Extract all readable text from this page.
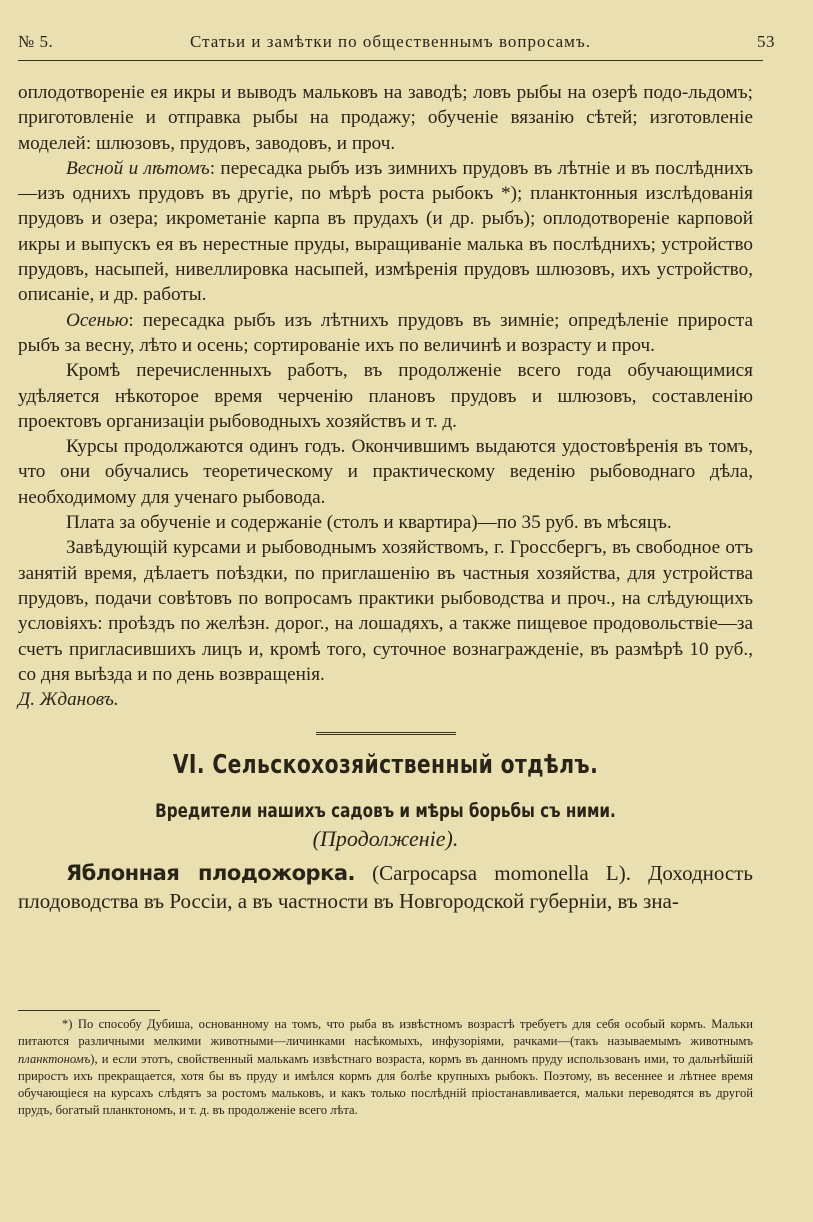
№ 5.	Статьи и замѣтки по общественнымъ вопросамъ.	53

оплодотвореніе ея икры и выводъ мальковъ на заводѣ; ловъ рыбы на озерѣ подо-льдомъ; приготовленіе и отправка рыбы на продажу; обученіе вязанію сѣтей; изготовленіе моделей: шлюзовъ, прудовъ, заводовъ, и проч.

Весной и лѣтомъ: пересадка рыбъ изъ зимнихъ прудовъ въ лѣтніе и въ послѣднихъ—изъ однихъ прудовъ въ другіе, по мѣрѣ роста рыбокъ *); планктонныя изслѣдованія прудовъ и озера; икрометаніе карпа въ прудахъ (и др. рыбъ); оплодотвореніе карповой икры и выпускъ ея въ нерестные пруды, выращиваніе малька въ послѣднихъ; устройство прудовъ, насыпей, нивеллировка насыпей, измѣренія прудовъ шлюзовъ, ихъ устройство, описаніе, и др. работы.

Осенью: пересадка рыбъ изъ лѣтнихъ прудовъ въ зимніе; опредѣленіе прироста рыбъ за весну, лѣто и осень; сортированіе ихъ по величинѣ и возрасту и проч.

Кромѣ перечисленныхъ работъ, въ продолженіе всего года обучающимися удѣляется нѣкоторое время черченію плановъ прудовъ и шлюзовъ, составленію проектовъ организаціи рыбоводныхъ хозяйствъ и т. д.

Курсы продолжаются одинъ годъ. Окончившимъ выдаются удостовѣренія въ томъ, что они обучались теоретическому и практическому веденію рыбоводнаго дѣла, необходимому для ученаго рыбовода.

Плата за обученіе и содержаніе (столъ и квартира)—по 35 руб. въ мѣсяцъ.

Завѣдующій курсами и рыбоводнымъ хозяйствомъ, г. Гроссбергъ, въ свободное отъ занятій время, дѣлаетъ поѣздки, по приглашенію въ частныя хозяйства, для устройства прудовъ, подачи совѣтовъ по вопросамъ практики рыбоводства и проч., на слѣдующихъ условіяхъ: проѣздъ по желѣзн. дорог., на лошадяхъ, а также пищевое продовольствіе—за счетъ пригласившихъ лицъ и, кромѣ того, суточное вознагражденіе, въ размѣрѣ 10 руб., со дня выѣзда и по день возвращенія.

Д. Ждановъ.

VI. Сельскохозяйственный отдѣлъ.
Вредители нашихъ садовъ и мѣры борьбы съ ними.
(Продолженіе).

Яблонная плодожорка. (Carpocapsa momonella L). Доходность плодоводства въ Россіи, а въ частности въ Новгородской губерніи, въ зна-

*) По способу Дубиша, основанному на томъ, что рыба въ извѣстномъ возрастѣ требуетъ для себя особый кормъ. Мальки питаются различными мелкими животными—личинками насѣкомыхъ, инфузоріями, рачками—(такъ называемымъ животнымъ планктономъ), и если этотъ, свойственный малькамъ извѣстнаго возраста, кормъ въ данномъ пруду использованъ ими, то дальнѣйшій приростъ ихъ прекращается, хотя бы въ пруду и имѣлся кормъ для болѣе крупныхъ рыбокъ. Поэтому, въ весеннее и лѣтнее время обучающіеся на курсахъ слѣдятъ за ростомъ мальковъ, и какъ только послѣдній пріостанавливается, мальки переводятся въ другой прудъ, богатый планктономъ, и т. д. въ продолженіе всего лѣта.
